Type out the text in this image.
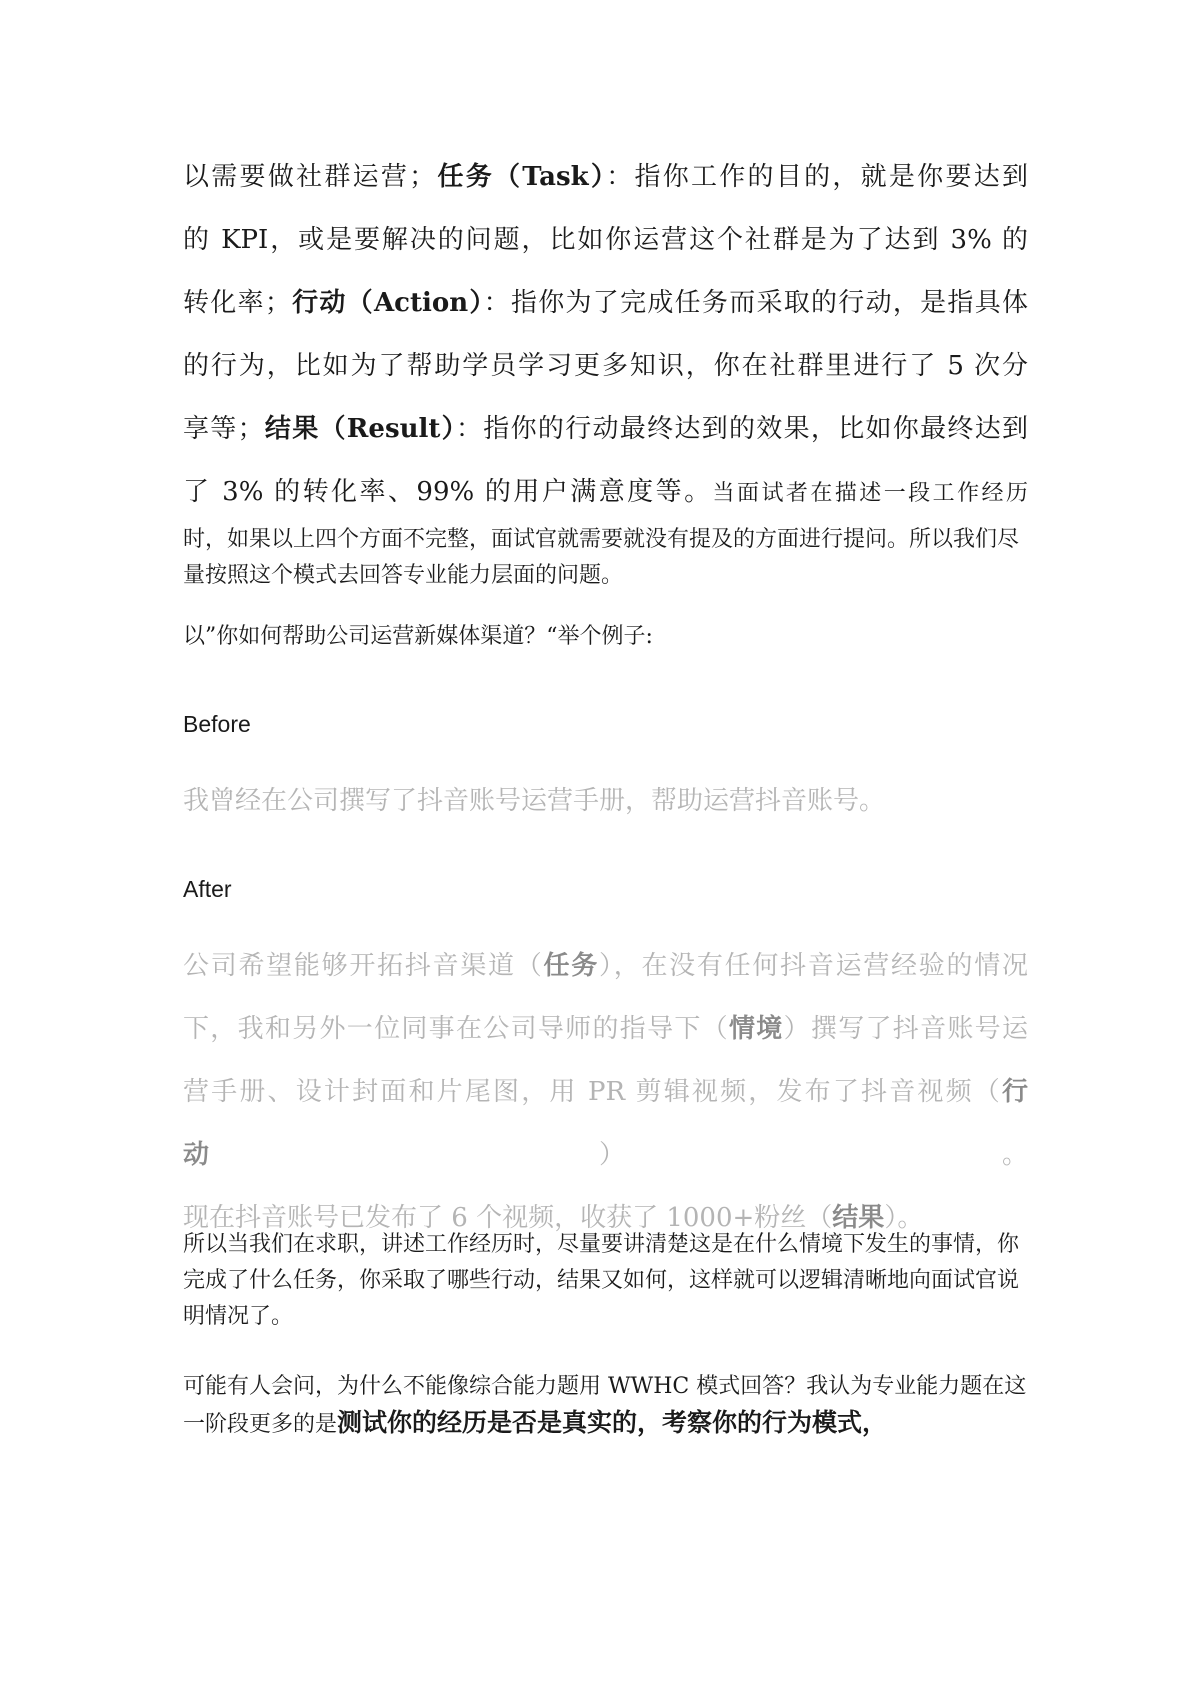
以需要做社群运营；任务（Task）：指你工作的目的，就是你要达到
的 KPI，或是要解决的问题，比如你运营这个社群是为了达到 3% 的
转化率；行动（Action）：指你为了完成任务而采取的行动，是指具体
的行为，比如为了帮助学员学习更多知识，你在社群里进行了 5 次分
享等；结果（Result）：指你的行动最终达到的效果，比如你最终达到
了 3% 的转化率、99% 的用户满意度等。当面试者在描述一段工作经历

时，如果以上四个方面不完整，面试官就需要就没有提及的方面进行提问。所以我们尽量按照这个模式去回答专业能力层面的问题。

以”你如何帮助公司运营新媒体渠道？“举个例子:

Before

我曾经在公司撰写了抖音账号运营手册，帮助运营抖音账号。

After

公司希望能够开拓抖音渠道（任务），在没有任何抖音运营经验的情况
下，我和另外一位同事在公司导师的指导下（情境）撰写了抖音账号运
营手册、设计封面和片尾图，用 PR 剪辑视频，发布了抖音视频（行动）。
现在抖音账号已发布了 6 个视频，收获了 1000+粉丝（结果）。

所以当我们在求职，讲述工作经历时，尽量要讲清楚这是在什么情境下发生的事情，你完成了什么任务，你采取了哪些行动，结果又如何，这样就可以逻辑清晰地向面试官说明情况了。

可能有人会问，为什么不能像综合能力题用 WWHC 模式回答？我认为专业能力题在这一阶段更多的是测试你的经历是否是真实的，考察你的行为模式，
